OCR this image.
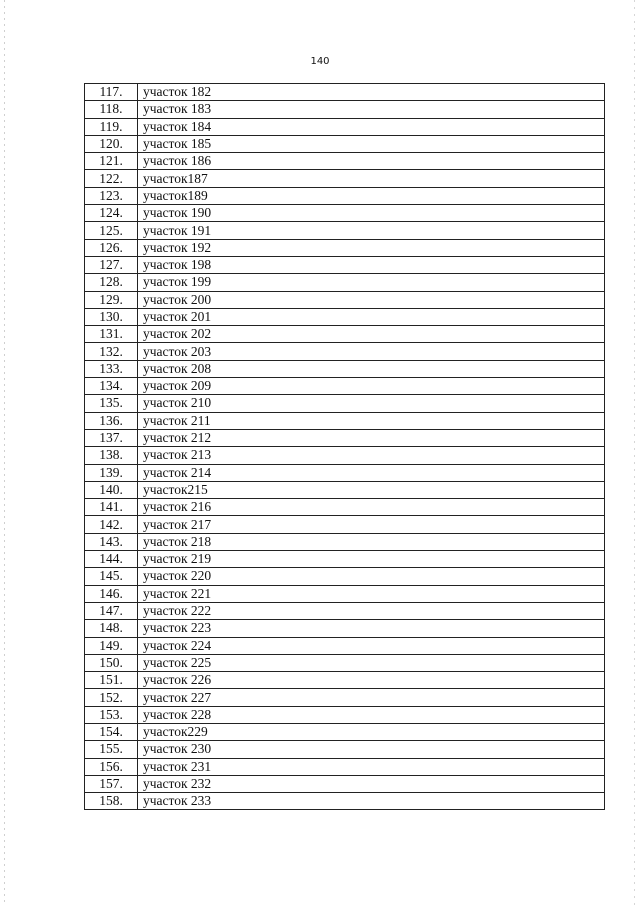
140
117.	участок 182
118.	участок 183
119.	участок 184
120.	участок 185
121.	участок 186
122.	участок187
123.	участок189
124.	участок 190
125.	участок 191
126.	участок 192
127.	участок 198
128.	участок 199
129.	участок 200
130.	участок 201
131.	участок 202
132.	участок 203
133.	участок 208
134.	участок 209
135.	участок 210
136.	участок 211
137.	участок 212
138.	участок 213
139.	участок 214
140.	участок215
141.	участок 216
142.	участок 217
143.	участок 218
144.	участок 219
145.	участок 220
146.	участок 221
147.	участок 222
148.	участок 223
149.	участок 224
150.	участок 225
151.	участок 226
152.	участок 227
153.	участок 228
154.	участок229
155.	участок 230
156.	участок 231
157.	участок 232
158.	участок 233
